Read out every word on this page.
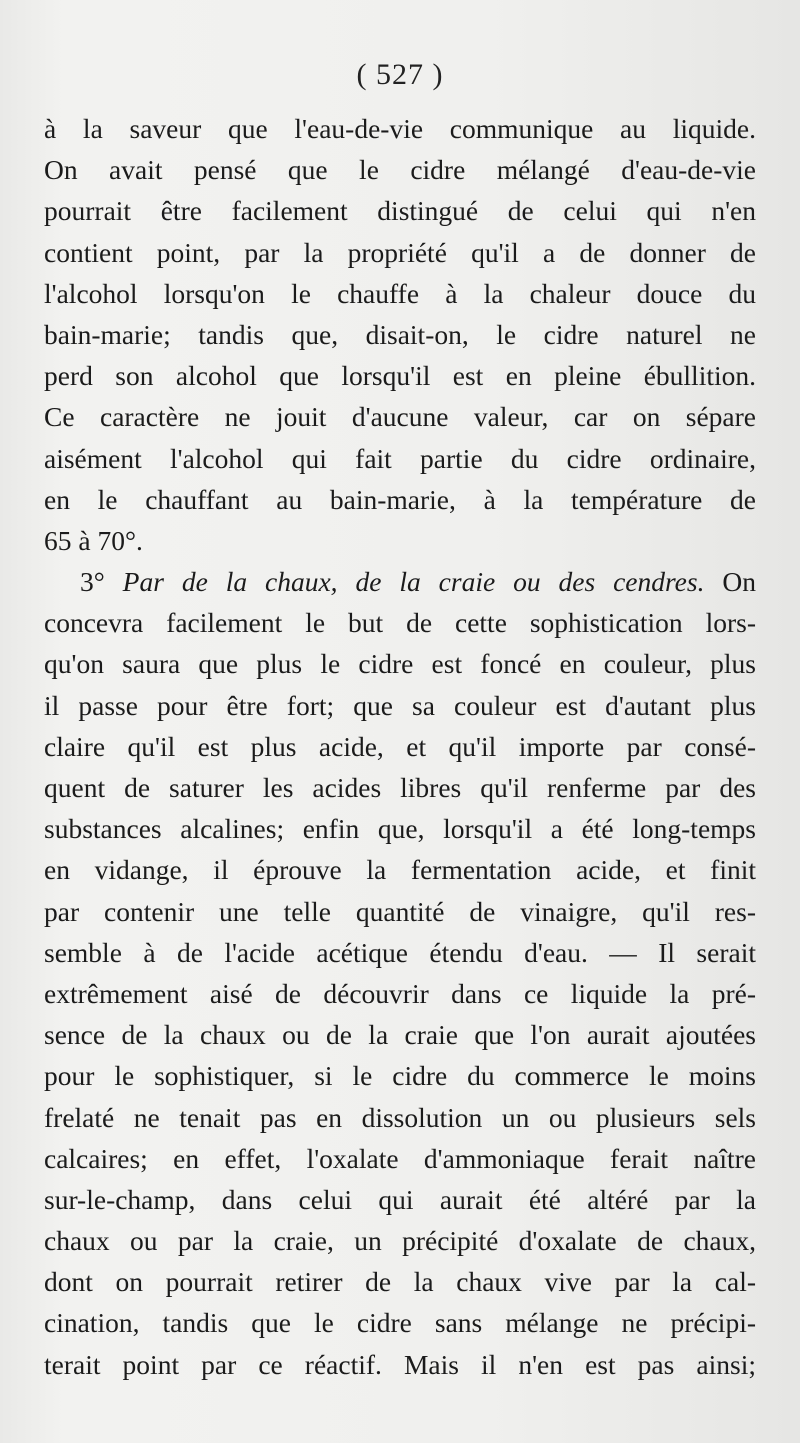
( 527 )
à la saveur que l'eau-de-vie communique au liquide.
On avait pensé que le cidre mélangé d'eau-de-vie
pourrait être facilement distingué de celui qui n'en
contient point, par la propriété qu'il a de donner de
l'alcohol lorsqu'on le chauffe à la chaleur douce du
bain-marie; tandis que, disait-on, le cidre naturel ne
perd son alcohol que lorsqu'il est en pleine ébullition.
Ce caractère ne jouit d'aucune valeur, car on sépare
aisément l'alcohol qui fait partie du cidre ordinaire,
en le chauffant au bain-marie, à la température de
65 à 70°.
3° Par de la chaux, de la craie ou des cendres. On
concevra facilement le but de cette sophistication lors-
qu'on saura que plus le cidre est foncé en couleur, plus
il passe pour être fort; que sa couleur est d'autant plus
claire qu'il est plus acide, et qu'il importe par consé-
quent de saturer les acides libres qu'il renferme par des
substances alcalines; enfin que, lorsqu'il a été long-temps
en vidange, il éprouve la fermentation acide, et finit
par contenir une telle quantité de vinaigre, qu'il res-
semble à de l'acide acétique étendu d'eau. — Il serait
extrêmement aisé de découvrir dans ce liquide la pré-
sence de la chaux ou de la craie que l'on aurait ajoutées
pour le sophistiquer, si le cidre du commerce le moins
frelaté ne tenait pas en dissolution un ou plusieurs sels
calcaires; en effet, l'oxalate d'ammoniaque ferait naître
sur-le-champ, dans celui qui aurait été altéré par la
chaux ou par la craie, un précipité d'oxalate de chaux,
dont on pourrait retirer de la chaux vive par la cal-
cination, tandis que le cidre sans mélange ne précipi-
terait point par ce réactif. Mais il n'en est pas ainsi;
